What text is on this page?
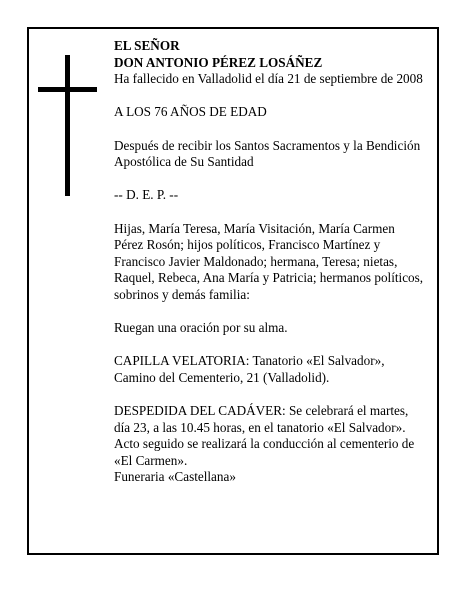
EL SEÑOR

DON ANTONIO PÉREZ LOSÁÑEZ

Ha fallecido en Valladolid el día 21 de septiembre de 2008

A LOS 76 AÑOS DE EDAD

Después de recibir los Santos Sacramentos y la Bendición Apostólica de Su Santidad

-- D. E. P. --

Hijas, María Teresa, María Visitación, María Carmen Pérez Rosón; hijos políticos, Francisco Martínez y Francisco Javier Maldonado; hermana, Teresa; nietas, Raquel, Rebeca, Ana María y Patricia; hermanos políticos, sobrinos y demás familia:

Ruegan una oración por su alma.

CAPILLA VELATORIA: Tanatorio «El Salvador», Camino del Cementerio, 21 (Valladolid).

DESPEDIDA DEL CADÁVER: Se celebrará el martes, día 23, a las 10.45 horas, en el tanatorio «El Salvador». Acto seguido se realizará la conducción al cementerio de «El Carmen».

Funeraria «Castellana»
